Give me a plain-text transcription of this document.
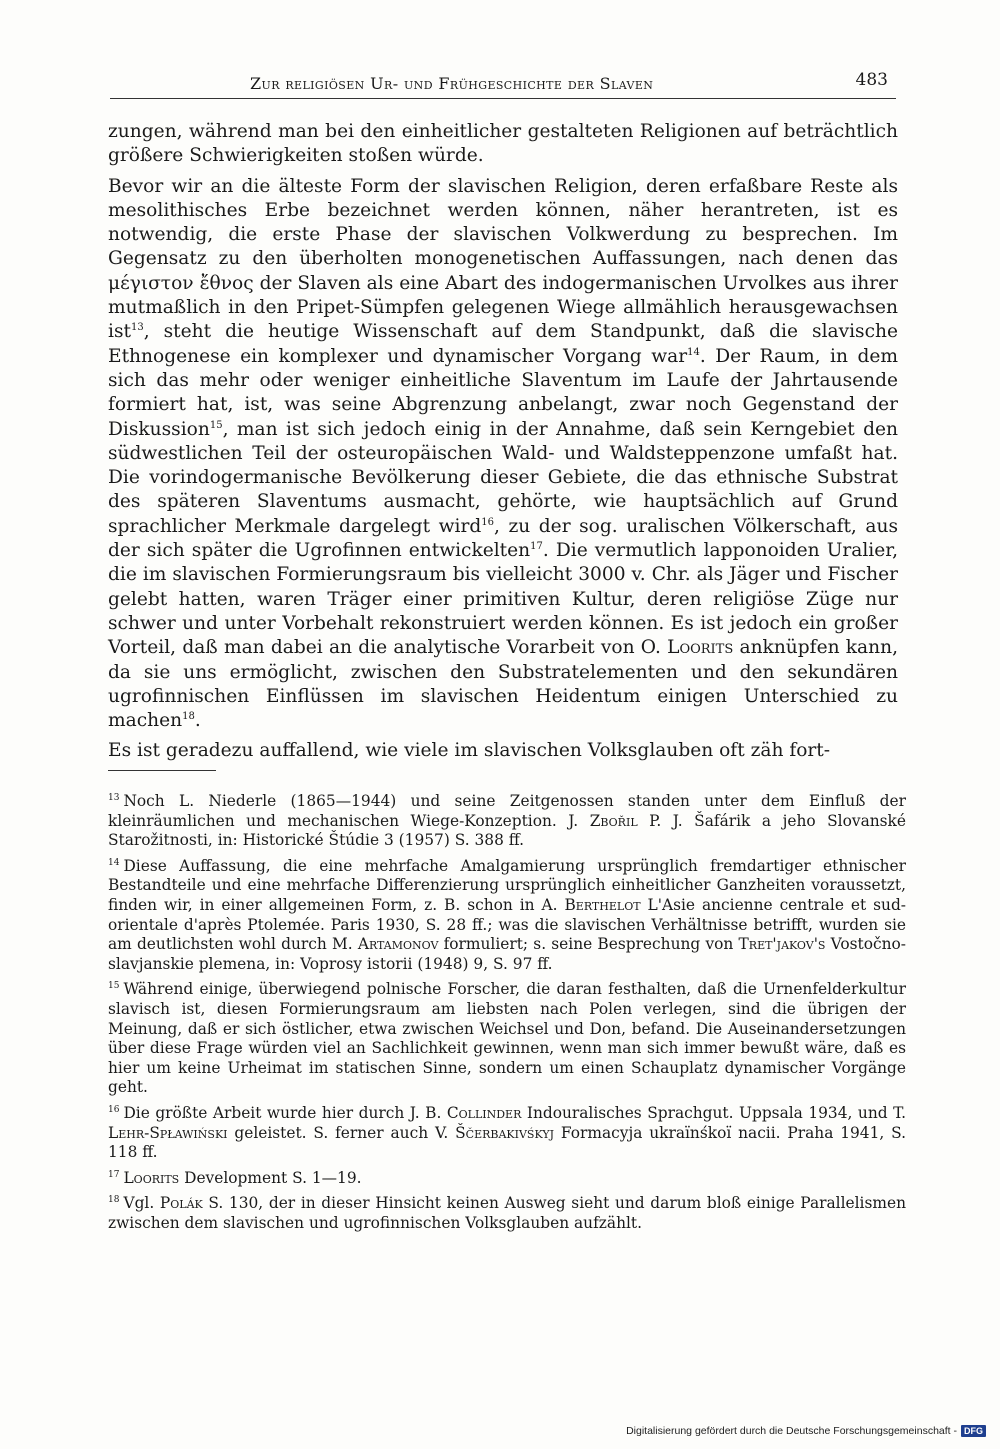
Zur religiösen Ur- und Frühgeschichte der Slaven	483

zungen, während man bei den einheitlicher gestalteten Religionen auf beträchtlich größere Schwierigkeiten stoßen würde.

Bevor wir an die älteste Form der slavischen Religion, deren erfaßbare Reste als mesolithisches Erbe bezeichnet werden können, näher herantreten, ist es notwendig, die erste Phase der slavischen Volkwerdung zu besprechen. Im Gegensatz zu den überholten monogenetischen Auffassungen, nach denen das μέγιστον ἔθνος der Slaven als eine Abart des indogermanischen Urvolkes aus ihrer mutmaßlich in den Pripet-Sümpfen gelegenen Wiege allmählich herausgewachsen ist$^{13}$, steht die heutige Wissenschaft auf dem Standpunkt, daß die slavische Ethnogenese ein komplexer und dynamischer Vorgang war$^{14}$. Der Raum, in dem sich das mehr oder weniger einheitliche Slaventum im Laufe der Jahrtausende formiert hat, ist, was seine Abgrenzung anbelangt, zwar noch Gegenstand der Diskussion$^{15}$, man ist sich jedoch einig in der Annahme, daß sein Kerngebiet den südwestlichen Teil der osteuropäischen Wald- und Waldsteppenzone umfaßt hat. Die vorindogermanische Bevölkerung dieser Gebiete, die das ethnische Substrat des späteren Slaventums ausmacht, gehörte, wie hauptsächlich auf Grund sprachlicher Merkmale dargelegt wird$^{16}$, zu der sog. uralischen Völkerschaft, aus der sich später die Ugrofinnen entwickelten$^{17}$. Die vermutlich lapponoiden Uralier, die im slavischen Formierungsraum bis vielleicht 3000 v. Chr. als Jäger und Fischer gelebt hatten, waren Träger einer primitiven Kultur, deren religiöse Züge nur schwer und unter Vorbehalt rekonstruiert werden können. Es ist jedoch ein großer Vorteil, daß man dabei an die analytische Vorarbeit von O. Loorits anknüpfen kann, da sie uns ermöglicht, zwischen den Substratelementen und den sekundären ugrofinnischen Einflüssen im slavischen Heidentum einigen Unterschied zu machen$^{18}$.

Es ist geradezu auffallend, wie viele im slavischen Volksglauben oft zäh fort-

$^{13}$ Noch L. Niederle (1865—1944) und seine Zeitgenossen standen unter dem Einfluß der kleinräumlichen und mechanischen Wiege-Konzeption. J. Zbořil P. J. Šafárik a jeho Slovanské Starožitnosti, in: Historické Štúdie 3 (1957) S. 388 ff.

$^{14}$ Diese Auffassung, die eine mehrfache Amalgamierung ursprünglich fremdartiger ethnischer Bestandteile und eine mehrfache Differenzierung ursprünglich einheitlicher Ganzheiten voraussetzt, finden wir, in einer allgemeinen Form, z. B. schon in A. Berthelot L'Asie ancienne centrale et sud-orientale d'après Ptolemée. Paris 1930, S. 28 ff.; was die slavischen Verhältnisse betrifft, wurden sie am deutlichsten wohl durch M. Artamonov formuliert; s. seine Besprechung von Tret'jakov's Vostočno-slavjanskie plemena, in: Voprosy istorii (1948) 9, S. 97 ff.

$^{15}$ Während einige, überwiegend polnische Forscher, die daran festhalten, daß die Urnenfelderkultur slavisch ist, diesen Formierungsraum am liebsten nach Polen verlegen, sind die übrigen der Meinung, daß er sich östlicher, etwa zwischen Weichsel und Don, befand. Die Auseinandersetzungen über diese Frage würden viel an Sachlichkeit gewinnen, wenn man sich immer bewußt wäre, daß es hier um keine Urheimat im statischen Sinne, sondern um einen Schauplatz dynamischer Vorgänge geht.

$^{16}$ Die größte Arbeit wurde hier durch J. B. Collinder Indouralisches Sprachgut. Uppsala 1934, und T. Lehr-Spławiński geleistet. S. ferner auch V. Ščerbakivśkyj Formacyja ukraïnśkoï nacii. Praha 1941, S. 118 ff.

$^{17}$ Loorits Development S. 1—19.

$^{18}$ Vgl. Polák S. 130, der in dieser Hinsicht keinen Ausweg sieht und darum bloß einige Parallelismen zwischen dem slavischen und ugrofinnischen Volksglauben aufzählt.

Digitalisierung gefördert durch die Deutsche Forschungsgemeinschaft - DFG
